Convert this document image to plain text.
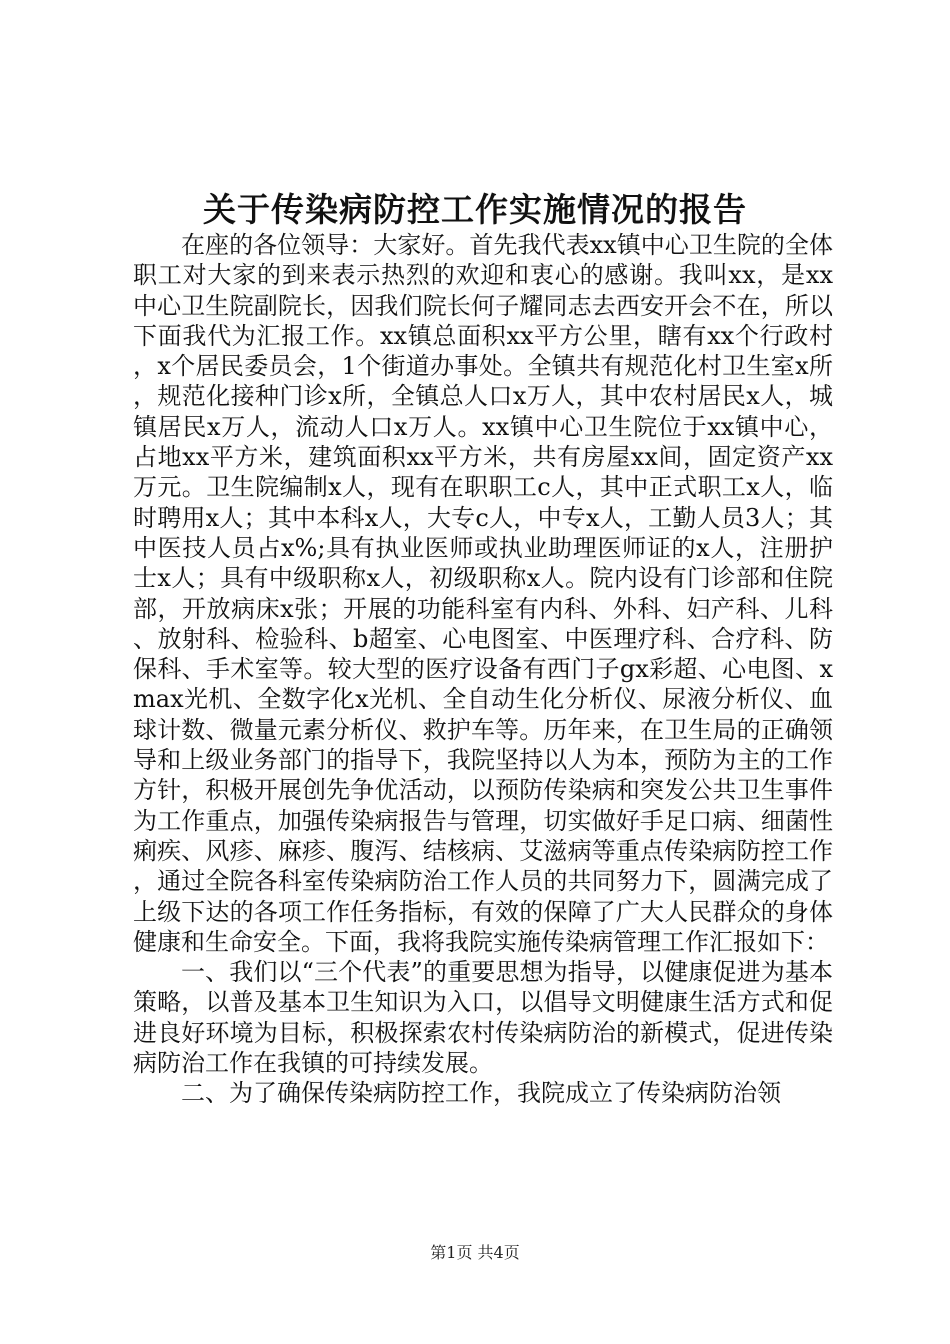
关于传染病防控工作实施情况的报告

在座的各位领导：大家好。首先我代表xx镇中心卫生院的全体职工对大家的到来表示热烈的欢迎和衷心的感谢。我叫xx，是xx中心卫生院副院长，因我们院长何子耀同志去西安开会不在，所以下面我代为汇报工作。xx镇总面积xx平方公里，瞎有xx个行政村，x个居民委员会，1个街道办事处。全镇共有规范化村卫生室x所，规范化接种门诊x所，全镇总人口x万人，其中农村居民x人，城镇居民x万人，流动人口x万人。xx镇中心卫生院位于xx镇中心，占地xx平方米，建筑面积xx平方米，共有房屋xx间，固定资产xx万元。卫生院编制x人，现有在职职工c人，其中正式职工x人，临时聘用x人；其中本科x人，大专c人，中专x人，工勤人员3人；其中医技人员占x%;具有执业医师或执业助理医师证的x人，注册护士x人；具有中级职称x人，初级职称x人。院内设有门诊部和住院部，开放病床x张；开展的功能科室有内科、外科、妇产科、儿科、放射科、检验科、b超室、心电图室、中医理疗科、合疗科、防保科、手术室等。较大型的医疗设备有西门子gx彩超、心电图、xmax光机、全数字化x光机、全自动生化分析仪、尿液分析仪、血球计数、微量元素分析仪、救护车等。历年来，在卫生局的正确领导和上级业务部门的指导下，我院坚持以人为本，预防为主的工作方针，积极开展创先争优活动，以预防传染病和突发公共卫生事件为工作重点，加强传染病报告与管理，切实做好手足口病、细菌性痢疾、风疹、麻疹、腹泻、结核病、艾滋病等重点传染病防控工作，通过全院各科室传染病防治工作人员的共同努力下，圆满完成了上级下达的各项工作任务指标，有效的保障了广大人民群众的身体健康和生命安全。下面，我将我院实施传染病管理工作汇报如下：

一、我们以“三个代表”的重要思想为指导，以健康促进为基本策略，以普及基本卫生知识为入口，以倡导文明健康生活方式和促进良好环境为目标，积极探索农村传染病防治的新模式，促进传染病防治工作在我镇的可持续发展。

二、为了确保传染病防控工作，我院成立了传染病防治领

第1页 共4页
